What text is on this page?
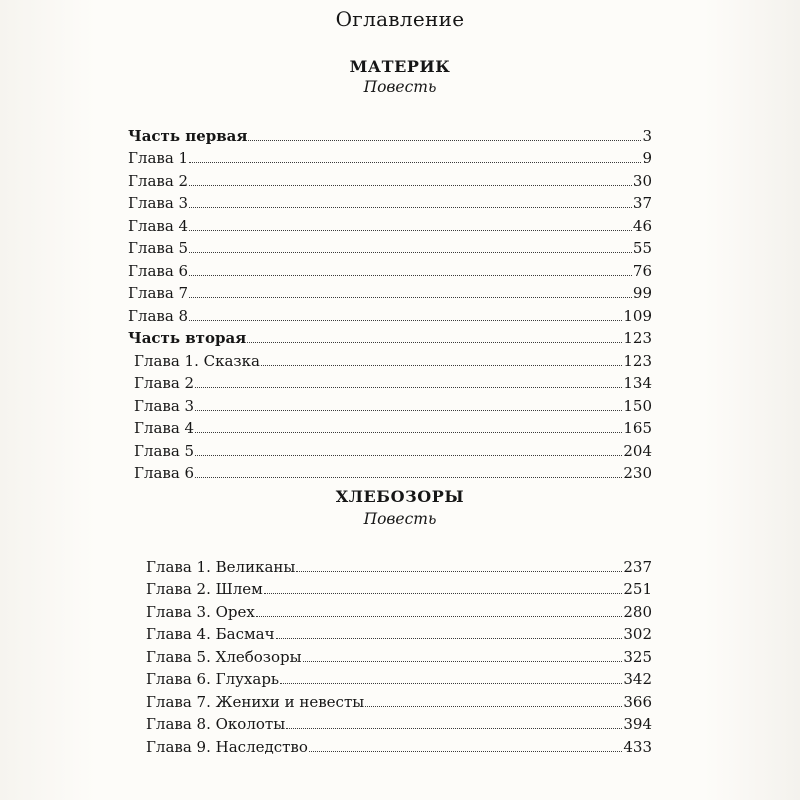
Оглавление
МАТЕРИК
Повесть
Часть первая	3
Глава 1	9
Глава 2	30
Глава 3	37
Глава 4	46
Глава 5	55
Глава 6	76
Глава 7	99
Глава 8	109
Часть вторая	123
Глава 1. Сказка	123
Глава 2	134
Глава 3	150
Глава 4	165
Глава 5	204
Глава 6	230
ХЛЕБОЗОРЫ
Повесть
Глава 1. Великаны	237
Глава 2. Шлем	251
Глава 3. Орех	280
Глава 4. Басмач	302
Глава 5. Хлебозоры	325
Глава 6. Глухарь	342
Глава 7. Женихи и невесты	366
Глава 8. Околоты	394
Глава 9. Наследство	433
